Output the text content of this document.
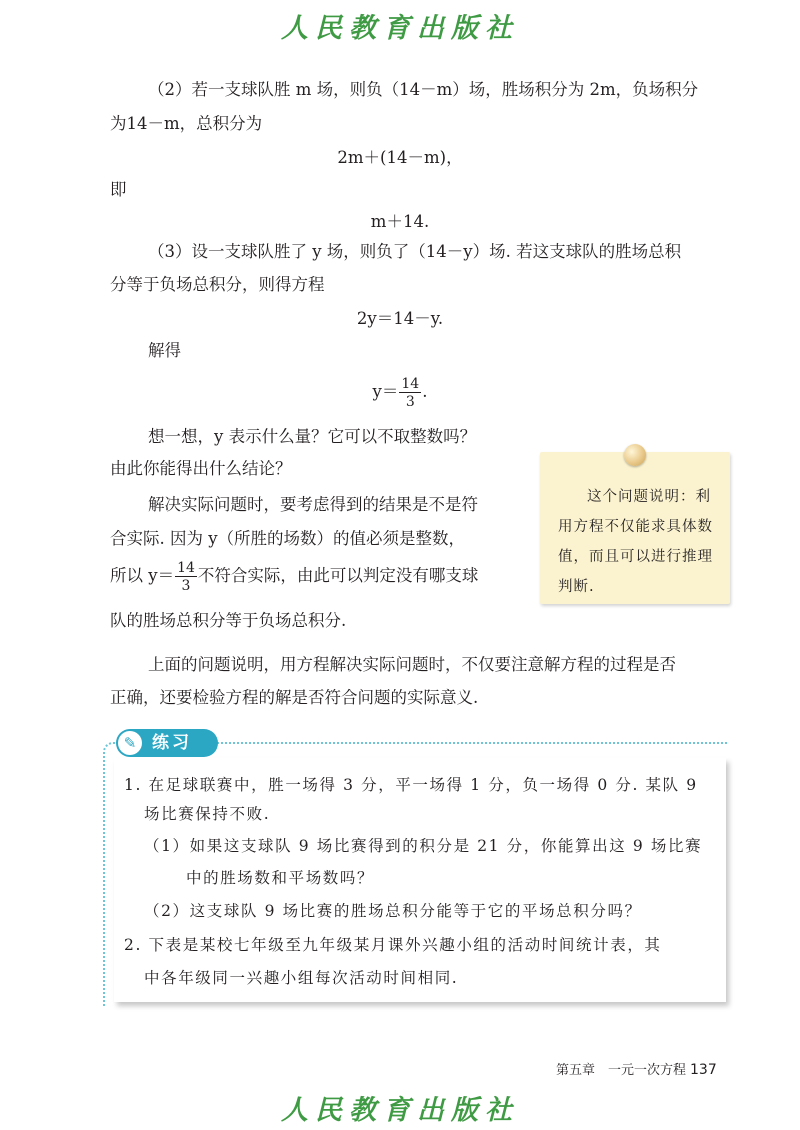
人民教育出版社
（2）若一支球队胜 m 场，则负（14－m）场，胜场积分为 2m，负场积分
为14－m，总积分为
2m＋(14－m)，
即
m＋14.
（3）设一支球队胜了 y 场，则负了（14－y）场. 若这支球队的胜场总积
分等于负场总积分，则得方程
2y＝14－y.
解得
$y= \frac{14}{3}$ .
想一想，y 表示什么量？它可以不取整数吗？
由此你能得出什么结论？
解决实际问题时，要考虑得到的结果是不是符
合实际. 因为 y（所胜的场数）的值必须是整数，
所以 $y= \frac{14}{3}$ 不符合实际，由此可以判定没有哪支球
队的胜场总积分等于负场总积分.
这个问题说明：利用方程不仅能求具体数值，而且可以进行推理判断.
上面的问题说明，用方程解决实际问题时，不仅要注意解方程的过程是否
正确，还要检验方程的解是否符合问题的实际意义.
✎ 练习
1. 在足球联赛中，胜一场得 3 分，平一场得 1 分，负一场得 0 分. 某队 9
场比赛保持不败.
（1）如果这支球队 9 场比赛得到的积分是 21 分，你能算出这 9 场比赛
中的胜场数和平场数吗？
（2）这支球队 9 场比赛的胜场总积分能等于它的平场总积分吗？
2. 下表是某校七年级至九年级某月课外兴趣小组的活动时间统计表，其
中各年级同一兴趣小组每次活动时间相同.
第五章　一元一次方程 137
人民教育出版社
